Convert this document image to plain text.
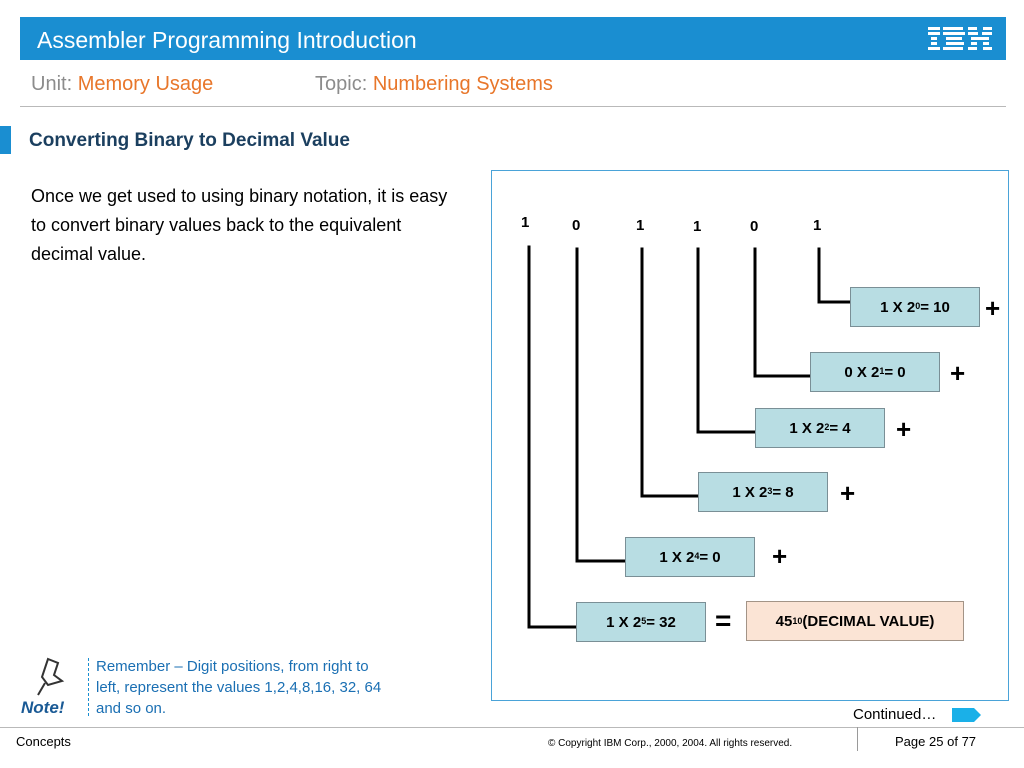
Assembler Programming Introduction
Unit: Memory Usage	Topic: Numbering Systems
Converting Binary to Decimal Value
Once we get used to using binary notation, it is easy to convert binary values back to the equivalent decimal value.
1	0	1	1	0	1
1 X $2^0 = 10$ +
0 X $2^1 = 0$ +
1 X $2^2 = 4$ +
1 X $2^3 = 8$ +
1 X $2^4 = 0$ +
1 X $2^5 = 32$ =	45 10 (DECIMAL VALUE)
Note!
Remember – Digit positions, from right to left, represent the values 1,2,4,8,16, 32, 64 and so on.	Continued…
Concepts	© Copyright IBM Corp., 2000, 2004. All rights reserved.	Page 25 of 77
